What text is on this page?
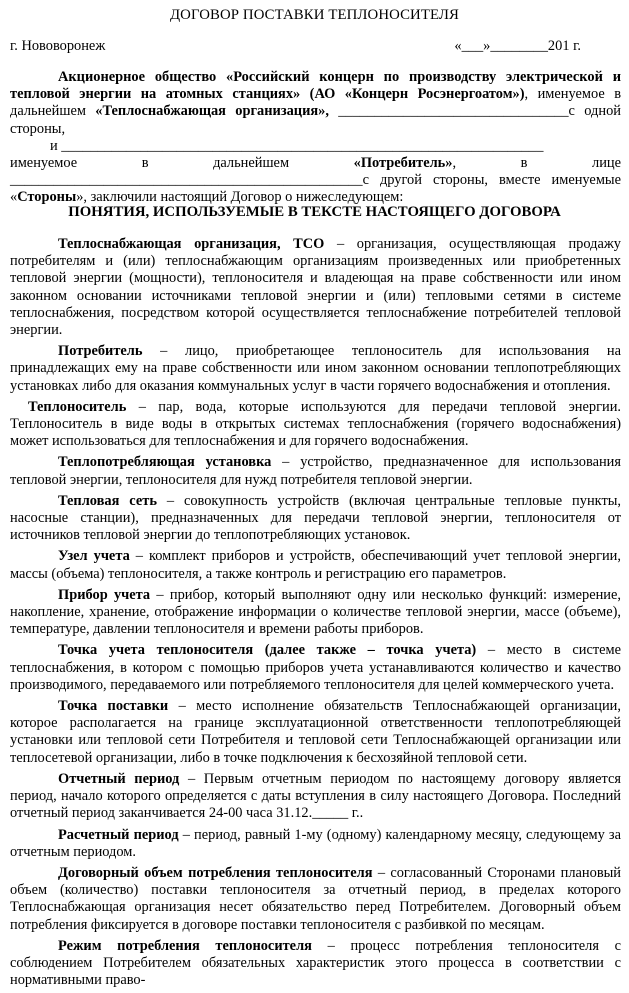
ДОГОВОР ПОСТАВКИ ТЕПЛОНОСИТЕЛЯ
г. Нововоронеж	«___»________201 г.

Акционерное общество «Российский концерн по производству электрической и тепловой энергии на атомных станциях» (АО «Концерн Росэнергоатом»), именуемое в дальнейшем «Теплоснабжающая организация», ________________________________с одной стороны,

и ___________________________________________________________________

именуемое в дальнейшем «Потребитель», в лице _________________________________________________с другой стороны, вместе именуемые «Стороны», заключили настоящий Договор о нижеследующем:

ПОНЯТИЯ, ИСПОЛЬЗУЕМЫЕ В ТЕКСТЕ НАСТОЯЩЕГО ДОГОВОРА

Теплоснабжающая организация, ТСО – организация, осуществляющая продажу потребителям и (или) теплоснабжающим организациям произведенных или приобретенных тепловой энергии (мощности), теплоносителя и владеющая на праве собственности или ином законном основании источниками тепловой энергии и (или) тепловыми сетями в системе теплоснабжения, посредством которой осуществляется теплоснабжение потребителей тепловой энергии.

Потребитель – лицо, приобретающее теплоноситель для использования на принадлежащих ему на праве собственности или ином законном основании теплопотребляющих установках либо для оказания коммунальных услуг в части горячего водоснабжения и отопления.

Теплоноситель – пар, вода, которые используются для передачи тепловой энергии. Теплоноситель в виде воды в открытых системах теплоснабжения (горячего водоснабжения) может использоваться для теплоснабжения и для горячего водоснабжения.

Теплопотребляющая установка – устройство, предназначенное для использования тепловой энергии, теплоносителя для нужд потребителя тепловой энергии.

Тепловая сеть – совокупность устройств (включая центральные тепловые пункты, насосные станции), предназначенных для передачи тепловой энергии, теплоносителя от источников тепловой энергии до теплопотребляющих установок.

Узел учета – комплект приборов и устройств, обеспечивающий учет тепловой энергии, массы (объема) теплоносителя, а также контроль и регистрацию его параметров.

Прибор учета – прибор, который выполняют одну или несколько функций: измерение, накопление, хранение, отображение информации о количестве тепловой энергии, массе (объеме), температуре, давлении теплоносителя и времени работы приборов.

Точка учета теплоносителя (далее также – точка учета) – место в системе теплоснабжения, в котором с помощью приборов учета устанавливаются количество и качество производимого, передаваемого или потребляемого теплоносителя для целей коммерческого учета.

Точка поставки – место исполнение обязательств Теплоснабжающей организации, которое располагается на границе эксплуатационной ответственности теплопотребляющей установки или тепловой сети Потребителя и тепловой сети Теплоснабжающей организации или теплосетевой организации, либо в точке подключения к бесхозяйной тепловой сети.

Отчетный период – Первым отчетным периодом по настоящему договору является период, начало которого определяется с даты вступления в силу настоящего Договора. Последний отчетный период заканчивается 24-00 часа 31.12._____ г..

Расчетный период – период, равный 1-му (одному) календарному месяцу, следующему за отчетным периодом.

Договорный объем потребления теплоносителя – согласованный Сторонами плановый объем (количество) поставки теплоносителя за отчетный период, в пределах которого Теплоснабжающая организация несет обязательство перед Потребителем. Договорный объем потребления фиксируется в договоре поставки теплоносителя с разбивкой по месяцам.

Режим потребления теплоносителя – процесс потребления теплоносителя с соблюдением Потребителем обязательных характеристик этого процесса в соответствии с нормативными право-
